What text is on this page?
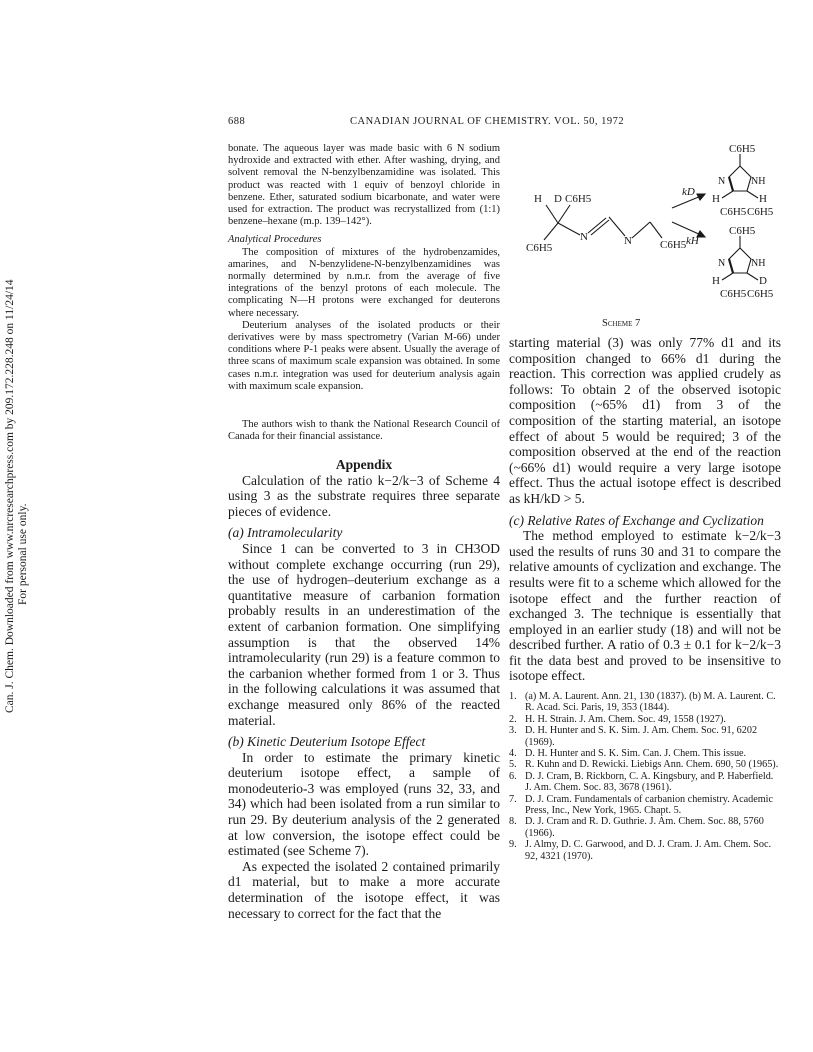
Can. J. Chem. Downloaded from www.nrcresearchpress.com by 209.172.228.248 on 11/24/14 For personal use only.
688	CANADIAN JOURNAL OF CHEMISTRY. VOL. 50, 1972

bonate. The aqueous layer was made basic with 6 N sodium hydroxide and extracted with ether. After washing, drying, and solvent removal the N-benzylbenzamidine was isolated. This product was reacted with 1 equiv of benzoyl chloride in benzene. Ether, saturated sodium bicarbonate, and water were used for extraction. The product was recrystallized from (1:1) benzene–hexane (m.p. 139–142°).

Analytical Procedures

The composition of mixtures of the hydrobenzamides, amarines, and N-benzylidene-N-benzylbenzamidines was normally determined by n.m.r. from the average of five integrations of the benzyl protons of each molecule. The complicating N—H protons were exchanged for deuterons where necessary.

Deuterium analyses of the isolated products or their derivatives were by mass spectrometry (Varian M-66) under conditions where P-1 peaks were absent. Usually the average of three scans of maximum scale expansion was obtained. In some cases n.m.r. integration was used for deuterium analysis again with maximum scale expansion.

The authors wish to thank the National Research Council of Canada for their financial assistance.

Appendix

Calculation of the ratio k−2/k−3 of Scheme 4 using 3 as the substrate requires three separate pieces of evidence.

(a) Intramolecularity

Since 1 can be converted to 3 in CH3OD without complete exchange occurring (run 29), the use of hydrogen–deuterium exchange as a quantitative measure of carbanion formation probably results in an underestimation of the extent of carbanion formation. One simplifying assumption is that the observed 14% intramolecularity (run 29) is a feature common to the carbanion whether formed from 1 or 3. Thus in the following calculations it was assumed that exchange measured only 86% of the reacted material.

(b) Kinetic Deuterium Isotope Effect

In order to estimate the primary kinetic deuterium isotope effect, a sample of monodeuterio-3 was employed (runs 32, 33, and 34) which had been isolated from a run similar to run 29. By deuterium analysis of the 2 generated at low conversion, the isotope effect could be estimated (see Scheme 7).

As expected the isolated 2 contained primarily d1 material, but to make a more accurate determination of the isotope effect, it was necessary to correct for the fact that the

H D C6H5
C6H5
N	N	C6H5
kD
kH
C6H5
N	NH
H	H
C6H5 C6H5
C6H5
N	NH
H	D
C6H5 C6H5
Scheme 7

starting material (3) was only 77% d1 and its composition changed to 66% d1 during the reaction. This correction was applied crudely as follows: To obtain 2 of the observed isotopic composition (~65% d1) from 3 of the composition of the starting material, an isotope effect of about 5 would be required; 3 of the composition observed at the end of the reaction (~66% d1) would require a very large isotope effect. Thus the actual isotope effect is described as kH/kD > 5.

(c) Relative Rates of Exchange and Cyclization

The method employed to estimate k−2/k−3 used the results of runs 30 and 31 to compare the relative amounts of cyclization and exchange. The results were fit to a scheme which allowed for the isotope effect and the further reaction of exchanged 3. The technique is essentially that employed in an earlier study (18) and will not be described further. A ratio of 0.3 ± 0.1 for k−2/k−3 fit the data best and proved to be insensitive to isotope effect.

1. (a) M. A. Laurent. Ann. 21, 130 (1837). (b) M. A. Laurent. C. R. Acad. Sci. Paris, 19, 353 (1844).
2. H. H. Strain. J. Am. Chem. Soc. 49, 1558 (1927).
3. D. H. Hunter and S. K. Sim. J. Am. Chem. Soc. 91, 6202 (1969).
4. D. H. Hunter and S. K. Sim. Can. J. Chem. This issue.
5. R. Kuhn and D. Rewicki. Liebigs Ann. Chem. 690, 50 (1965).
6. D. J. Cram, B. Rickborn, C. A. Kingsbury, and P. Haberfield. J. Am. Chem. Soc. 83, 3678 (1961).
7. D. J. Cram. Fundamentals of carbanion chemistry. Academic Press, Inc., New York, 1965. Chapt. 5.
8. D. J. Cram and R. D. Guthrie. J. Am. Chem. Soc. 88, 5760 (1966).
9. J. Almy, D. C. Garwood, and D. J. Cram. J. Am. Chem. Soc. 92, 4321 (1970).
